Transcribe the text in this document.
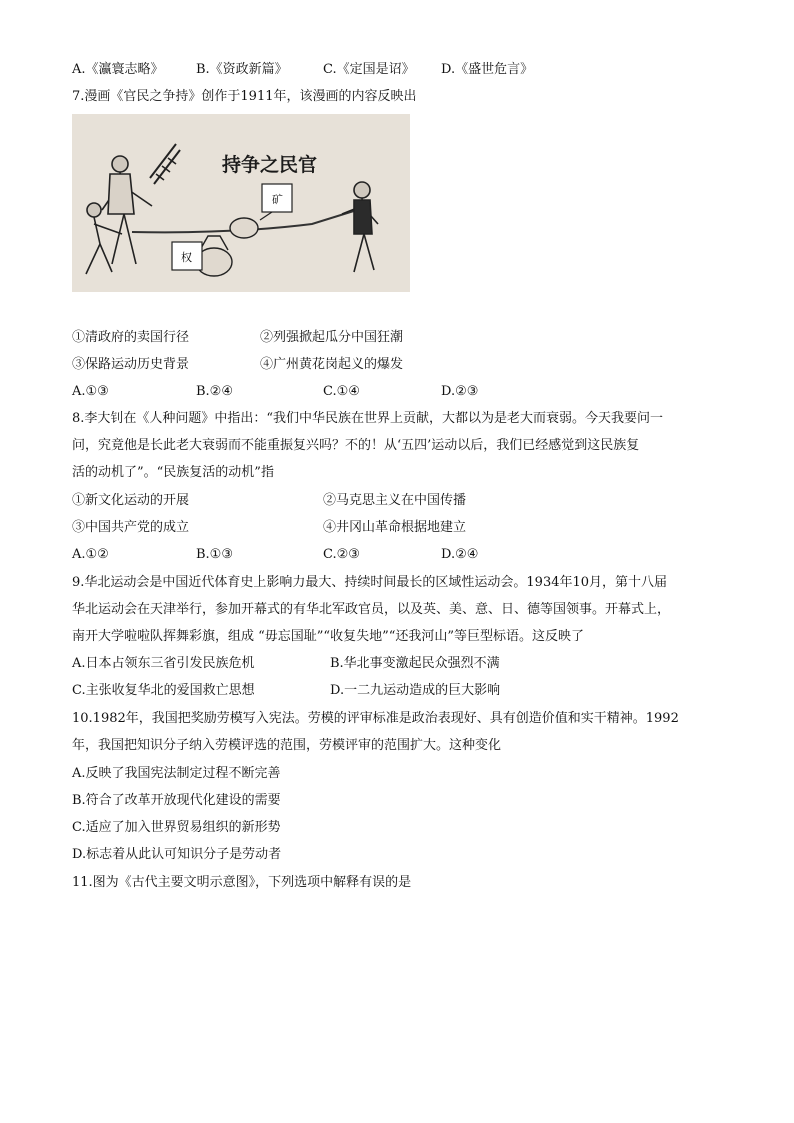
A.《瀛寰志略》 B.《资政新篇》	C.《定国是诏》 D.《盛世危言》
7.漫画《官民之争持》创作于1911年，该漫画的内容反映出
持争之民官
矿
权
①清政府的卖国行径	②列强掀起瓜分中国狂潮
③保路运动历史背景	④广州黄花岗起义的爆发
A.①③	B.②④	C.①④	D.②③
8.李大钊在《人种问题》中指出：“我们中华民族在世界上贡献，大都以为是老大而衰弱。今天我要问一
问，究竟他是长此老大衰弱而不能重振复兴吗？不的！从‘五四’运动以后，我们已经感觉到这民族复
活的动机了”。“民族复活的动机”指
①新文化运动的开展	②马克思主义在中国传播
③中国共产党的成立	④井冈山革命根据地建立
A.①②	B.①③	C.②③	D.②④
9.华北运动会是中国近代体育史上影响力最大、持续时间最长的区域性运动会。1934年10月，第十八届
华北运动会在天津举行，参加开幕式的有华北军政官员，以及英、美、意、日、德等国领事。开幕式上，
南开大学啦啦队挥舞彩旗，组成 “毋忘国耻”“收复失地”“还我河山”等巨型标语。这反映了
A.日本占领东三省引发民族危机	B.华北事变激起民众强烈不满
C.主张收复华北的爱国救亡思想	D.一二九运动造成的巨大影响
10.1982年，我国把奖励劳模写入宪法。劳模的评审标准是政治表现好、具有创造价值和实干精神。1992
年，我国把知识分子纳入劳模评选的范围，劳模评审的范围扩大。这种变化
A.反映了我国宪法制定过程不断完善
B.符合了改革开放现代化建设的需要
C.适应了加入世界贸易组织的新形势
D.标志着从此认可知识分子是劳动者
11.图为《古代主要文明示意图》，下列选项中解释有误的是
